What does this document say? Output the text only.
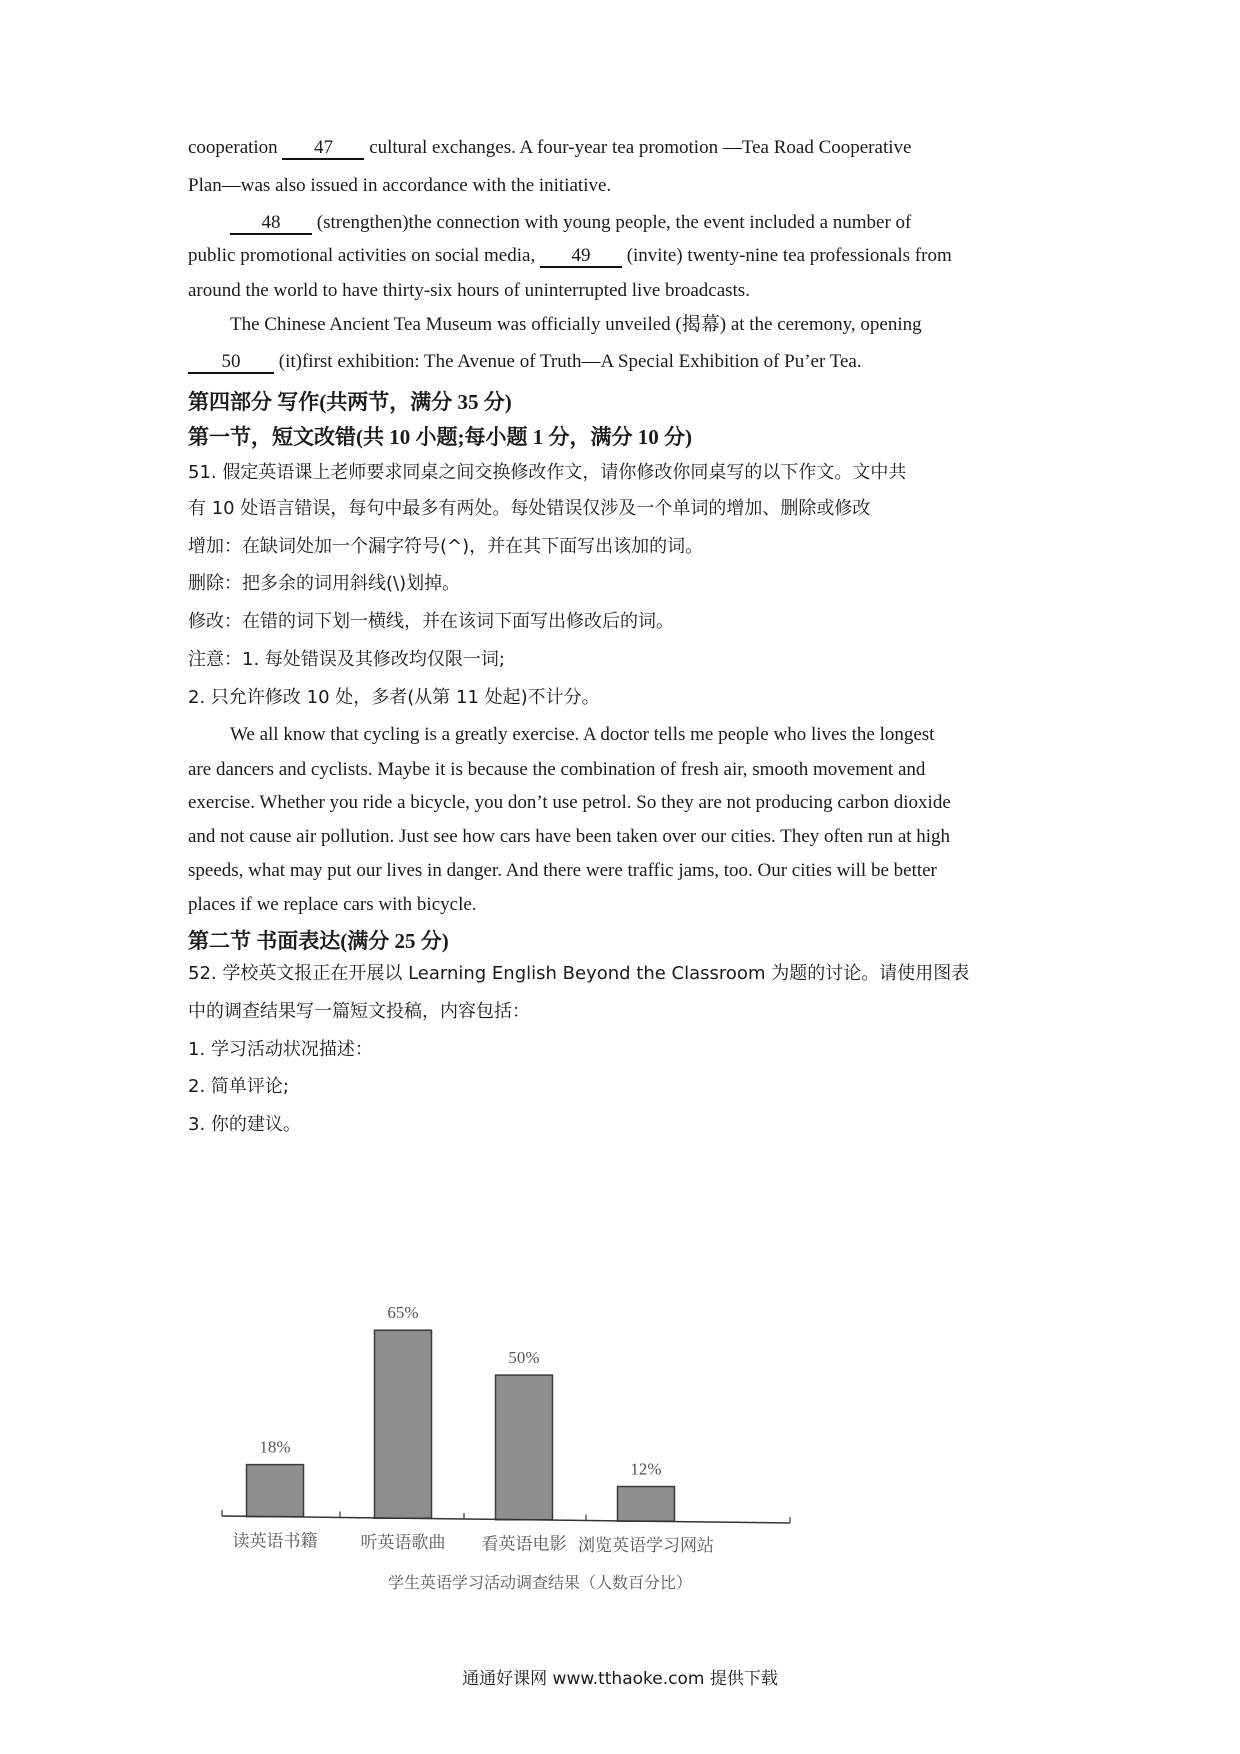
cooperation 47 cultural exchanges. A four-year tea promotion —Tea Road Cooperative
Plan—was also issued in accordance with the initiative.
48 (strengthen)the connection with young people, the event included a number of
public promotional activities on social media, 49 (invite) twenty-nine tea professionals from
around the world to have thirty-six hours of uninterrupted live broadcasts.
The Chinese Ancient Tea Museum was officially unveiled (揭幕) at the ceremony, opening
50 (it)first exhibition: The Avenue of Truth—A Special Exhibition of Pu’er Tea.
第四部分 写作(共两节，满分 35 分)
第一节，短文改错(共 10 小题;每小题 1 分，满分 10 分)
51. 假定英语课上老师要求同桌之间交换修改作文，请你修改你同桌写的以下作文。文中共
有 10 处语言错误，每句中最多有两处。每处错误仅涉及一个单词的增加、删除或修改
增加：在缺词处加一个漏字符号(^)，并在其下面写出该加的词。
删除：把多余的词用斜线(\)划掉。
修改：在错的词下划一横线，并在该词下面写出修改后的词。
注意：1. 每处错误及其修改均仅限一词;
2. 只允许修改 10 处，多者(从第 11 处起)不计分。
We all know that cycling is a greatly exercise. A doctor tells me people who lives the longest
are dancers and cyclists. Maybe it is because the combination of fresh air, smooth movement and
exercise. Whether you ride a bicycle, you don’t use petrol. So they are not producing carbon dioxide
and not cause air pollution. Just see how cars have been taken over our cities. They often run at high
speeds, what may put our lives in danger. And there were traffic jams, too. Our cities will be better
places if we replace cars with bicycle.
第二节 书面表达(满分 25 分)
52. 学校英文报正在开展以 Learning English Beyond the Classroom 为题的讨论。请使用图表
中的调查结果写一篇短文投稿，内容包括：
1. 学习活动状况描述：
2. 简单评论;
3. 你的建议。
18%
读英语书籍
65%
听英语歌曲
50%
看英语电影
12%
浏览英语学习网站
学生英语学习活动调查结果（人数百分比）
通通好课网 www.tthaoke.com 提供下载
